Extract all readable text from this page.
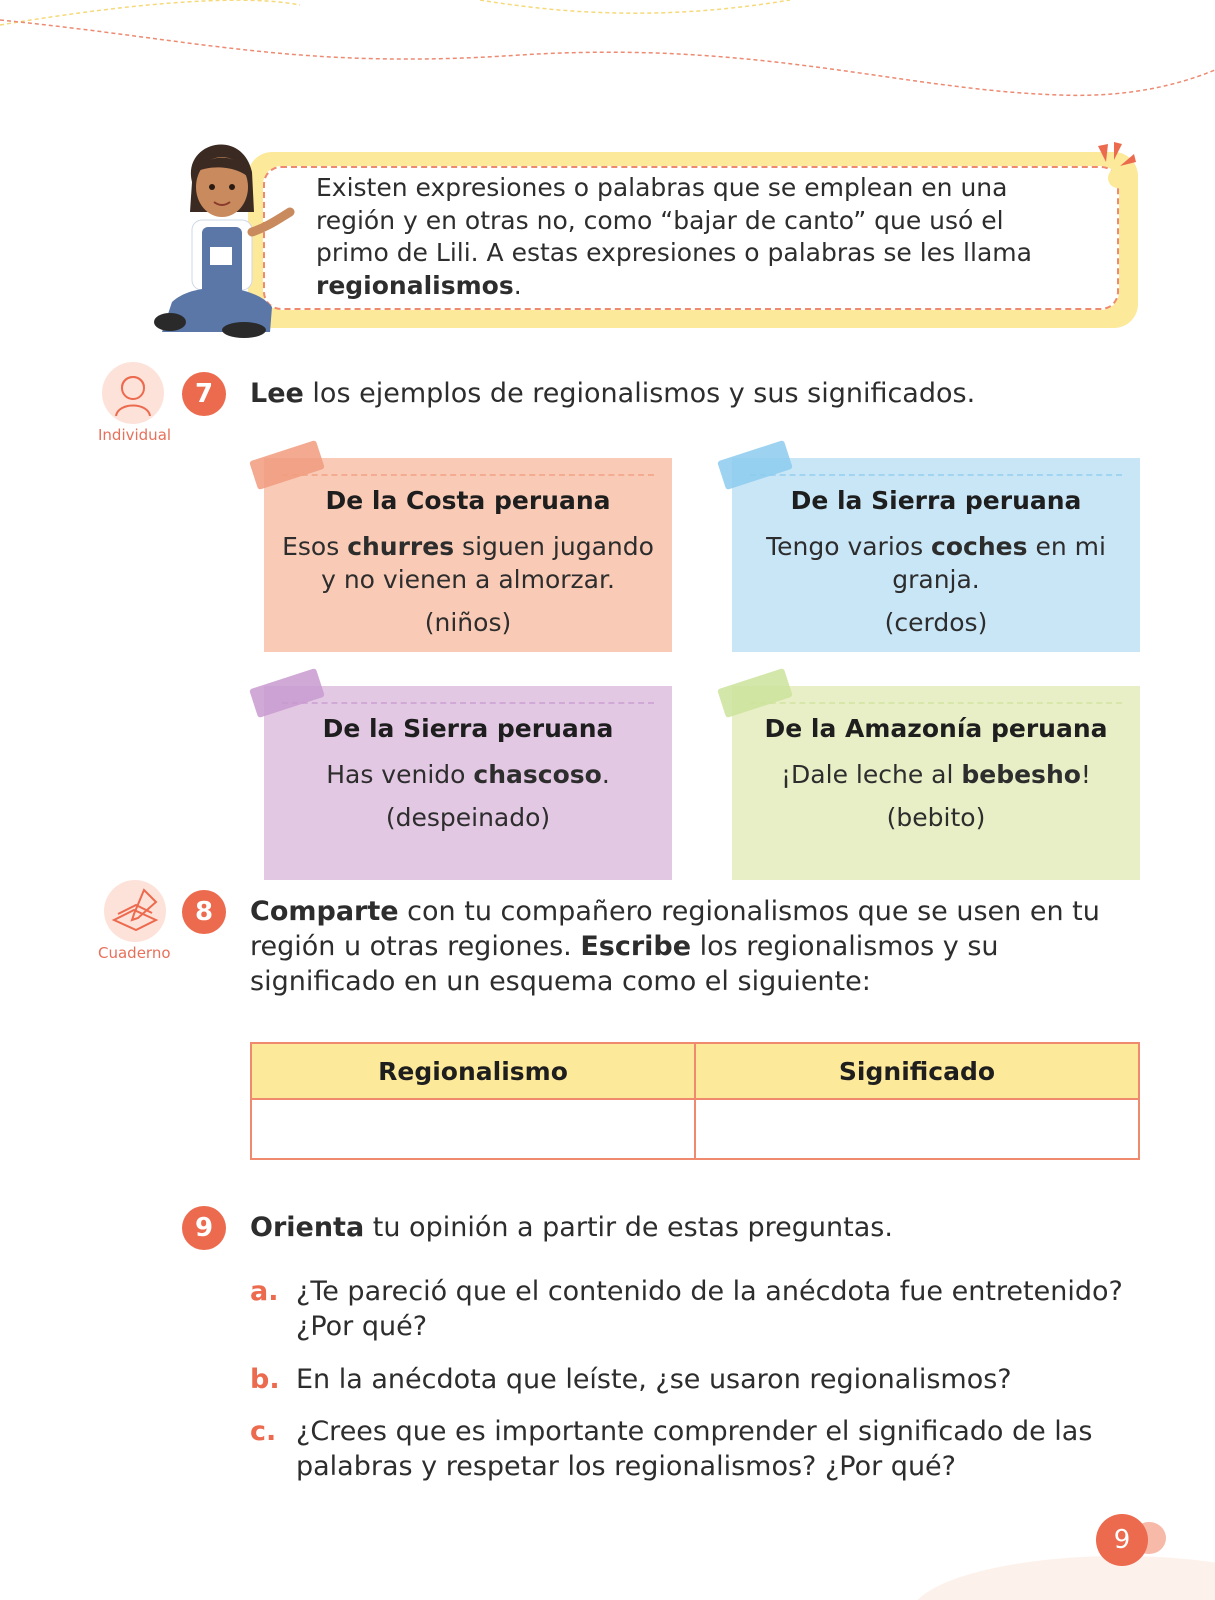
Existen expresiones o palabras que se emplean en una
región y en otras no, como “bajar de canto” que usó el
primo de Lili. A estas expresiones o palabras se les llama
regionalismos.
Individual
7	Lee los ejemplos de regionalismos y sus significados.
De la Costa peruana
Esos churres siguen jugando y no vienen a almorzar.
(niños)
De la Sierra peruana
Tengo varios coches en mi granja.
(cerdos)
De la Sierra peruana
Has venido chascoso.
(despeinado)
De la Amazonía peruana
¡Dale leche al bebesho!
(bebito)
Cuaderno
8	Comparte con tu compañero regionalismos que se usen en tu región u otras regiones. Escribe los regionalismos y su significado en un esquema como el siguiente:
Regionalismo	Significado

9	Orienta tu opinión a partir de estas preguntas.
a. ¿Te pareció que el contenido de la anécdota fue entretenido? ¿Por qué?
b. En la anécdota que leíste, ¿se usaron regionalismos?
c. ¿Crees que es importante comprender el significado de las palabras y respetar los regionalismos? ¿Por qué?
9
